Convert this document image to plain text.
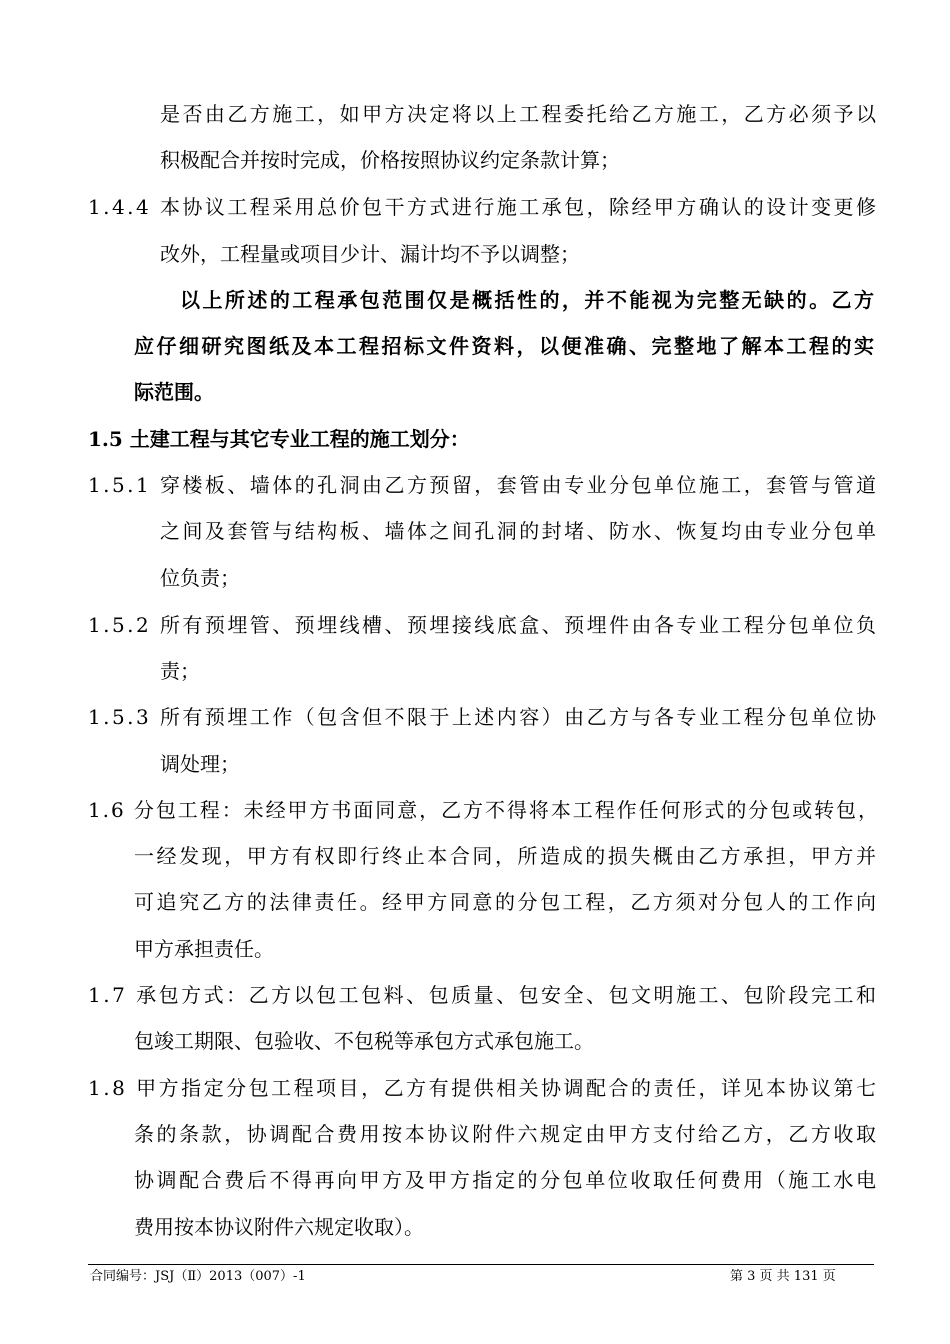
是否由乙方施工，如甲方决定将以上工程委托给乙方施工，乙方必须予以
积极配合并按时完成，价格按照协议约定条款计算；
1.4.4 本协议工程采用总价包干方式进行施工承包，除经甲方确认的设计变更修
改外，工程量或项目少计、漏计均不予以调整；
以上所述的工程承包范围仅是概括性的，并不能视为完整无缺的。乙方
应仔细研究图纸及本工程招标文件资料，以便准确、完整地了解本工程的实
际范围。
1.5 土建工程与其它专业工程的施工划分：
1.5.1 穿楼板、墙体的孔洞由乙方预留，套管由专业分包单位施工，套管与管道
之间及套管与结构板、墙体之间孔洞的封堵、防水、恢复均由专业分包单
位负责；
1.5.2 所有预埋管、预埋线槽、预埋接线底盒、预埋件由各专业工程分包单位负
责；
1.5.3 所有预埋工作（包含但不限于上述内容）由乙方与各专业工程分包单位协
调处理；
1.6 分包工程：未经甲方书面同意，乙方不得将本工程作任何形式的分包或转包，
一经发现，甲方有权即行终止本合同，所造成的损失概由乙方承担，甲方并
可追究乙方的法律责任。经甲方同意的分包工程，乙方须对分包人的工作向
甲方承担责任。
1.7 承包方式：乙方以包工包料、包质量、包安全、包文明施工、包阶段完工和
包竣工期限、包验收、不包税等承包方式承包施工。
1.8 甲方指定分包工程项目，乙方有提供相关协调配合的责任，详见本协议第七
条的条款，协调配合费用按本协议附件六规定由甲方支付给乙方，乙方收取
协调配合费后不得再向甲方及甲方指定的分包单位收取任何费用（施工水电
费用按本协议附件六规定收取）。
合同编号：JSJ（Ⅱ）2013（007）-1	第 3 页 共 131 页
